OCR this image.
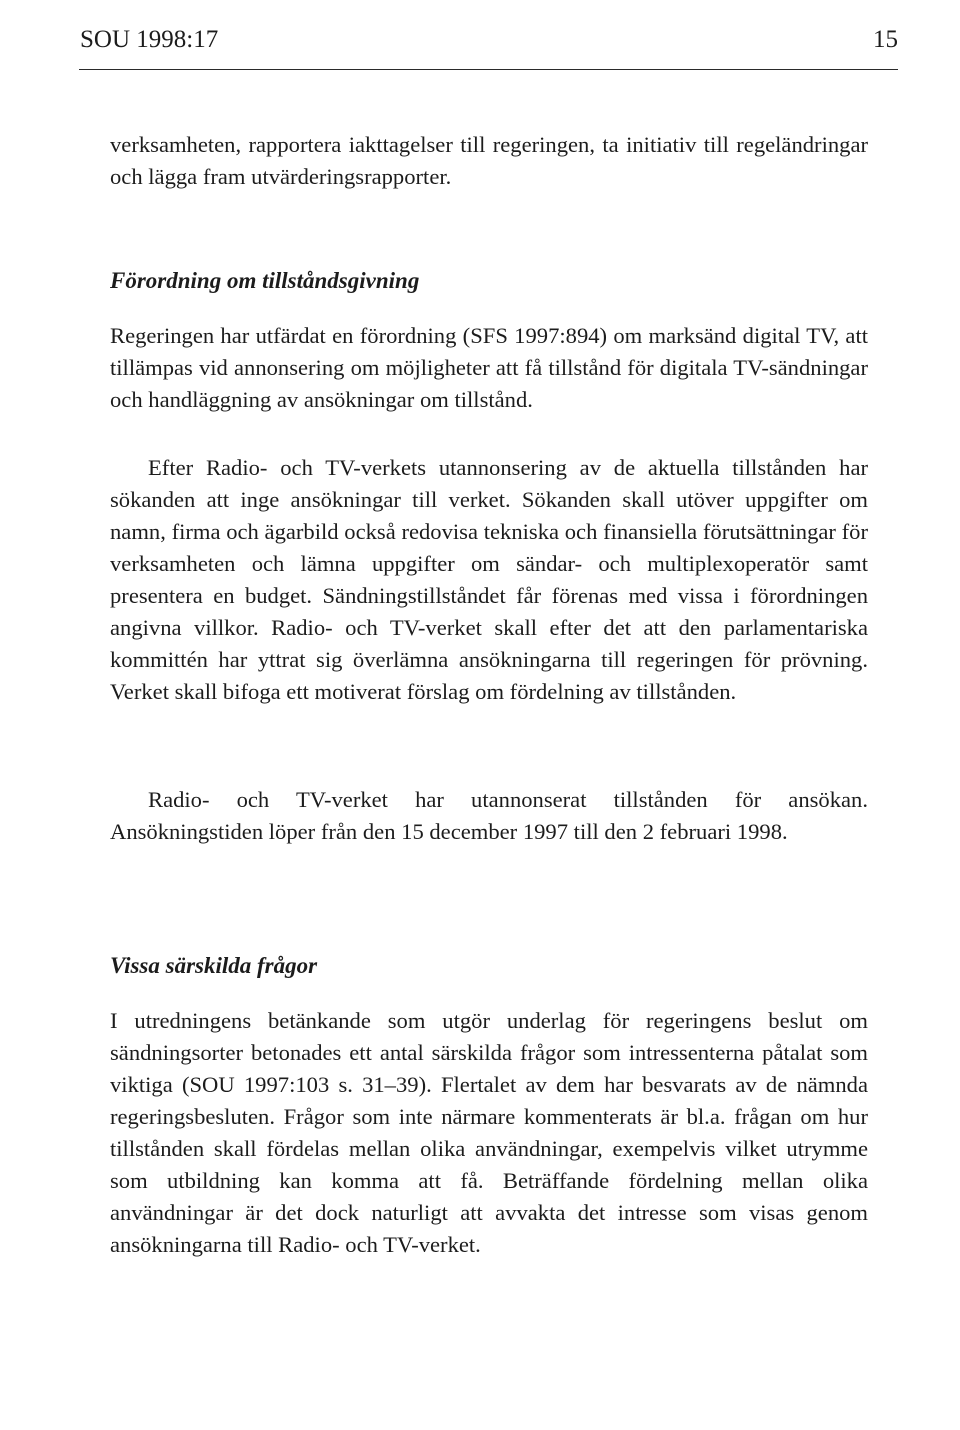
SOU 1998:17	15

verksamheten, rapportera iakttagelser till regeringen, ta initiativ till regeländringar och lägga fram utvärderingsrapporter.

Förordning om tillståndsgivning

Regeringen har utfärdat en förordning (SFS 1997:894) om marksänd digital TV, att tillämpas vid annonsering om möjligheter att få tillstånd för digitala TV-sändningar och handläggning av ansökningar om tillstånd.

Efter Radio- och TV-verkets utannonsering av de aktuella tillstånden har sökanden att inge ansökningar till verket. Sökanden skall utöver uppgifter om namn, firma och ägarbild också redovisa tekniska och finansiella förutsättningar för verksamheten och lämna uppgifter om sändar- och multiplexoperatör samt presentera en budget. Sändningstillståndet får förenas med vissa i förordningen angivna villkor. Radio- och TV-verket skall efter det att den parlamentariska kommittén har yttrat sig överlämna ansökningarna till regeringen för prövning. Verket skall bifoga ett motiverat förslag om fördelning av tillstånden.

Radio- och TV-verket har utannonserat tillstånden för ansökan. Ansökningstiden löper från den 15 december 1997 till den 2 februari 1998.

Vissa särskilda frågor

I utredningens betänkande som utgör underlag för regeringens beslut om sändningsorter betonades ett antal särskilda frågor som intressenterna påtalat som viktiga (SOU 1997:103 s. 31–39). Flertalet av dem har besvarats av de nämnda regeringsbesluten. Frågor som inte närmare kommenterats är bl.a. frågan om hur tillstånden skall fördelas mellan olika användningar, exempelvis vilket utrymme som utbildning kan komma att få. Beträffande fördelning mellan olika användningar är det dock naturligt att avvakta det intresse som visas genom ansökningarna till Radio- och TV-verket.
